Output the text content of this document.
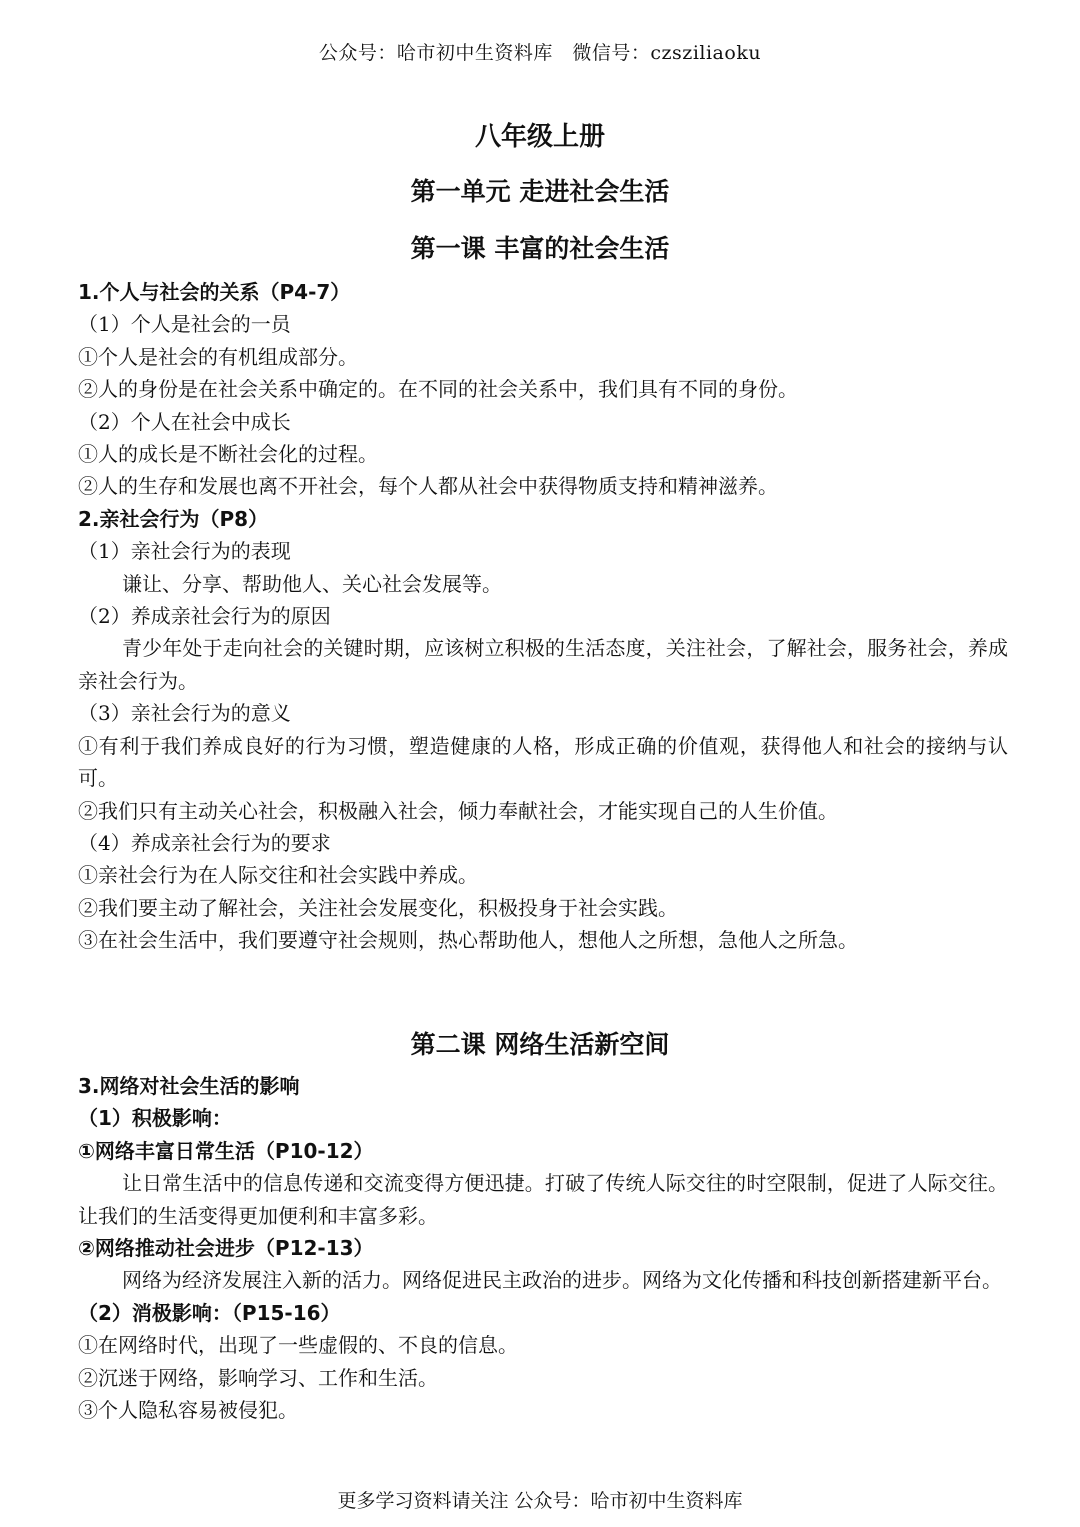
公众号：哈市初中生资料库　微信号：czsziliaoku
八年级上册
第一单元 走进社会生活
第一课 丰富的社会生活
1.个人与社会的关系（P4-7）
（1）个人是社会的一员
①个人是社会的有机组成部分。
②人的身份是在社会关系中确定的。在不同的社会关系中，我们具有不同的身份。
（2）个人在社会中成长
①人的成长是不断社会化的过程。
②人的生存和发展也离不开社会，每个人都从社会中获得物质支持和精神滋养。
2.亲社会行为（P8）
（1）亲社会行为的表现
谦让、分享、帮助他人、关心社会发展等。
（2）养成亲社会行为的原因
青少年处于走向社会的关键时期，应该树立积极的生活态度，关注社会，了解社会，服务社会，养成亲社会行为。
（3）亲社会行为的意义
①有利于我们养成良好的行为习惯，塑造健康的人格，形成正确的价值观，获得他人和社会的接纳与认可。
②我们只有主动关心社会，积极融入社会，倾力奉献社会，才能实现自己的人生价值。
（4）养成亲社会行为的要求
①亲社会行为在人际交往和社会实践中养成。
②我们要主动了解社会，关注社会发展变化，积极投身于社会实践。
③在社会生活中，我们要遵守社会规则，热心帮助他人，想他人之所想，急他人之所急。
第二课 网络生活新空间
3.网络对社会生活的影响
（1）积极影响：
①网络丰富日常生活（P10-12）
让日常生活中的信息传递和交流变得方便迅捷。打破了传统人际交往的时空限制，促进了人际交往。让我们的生活变得更加便利和丰富多彩。
②网络推动社会进步（P12-13）
网络为经济发展注入新的活力。网络促进民主政治的进步。网络为文化传播和科技创新搭建新平台。
（2）消极影响：（P15-16）
①在网络时代，出现了一些虚假的、不良的信息。
②沉迷于网络，影响学习、工作和生活。
③个人隐私容易被侵犯。
更多学习资料请关注 公众号：哈市初中生资料库
